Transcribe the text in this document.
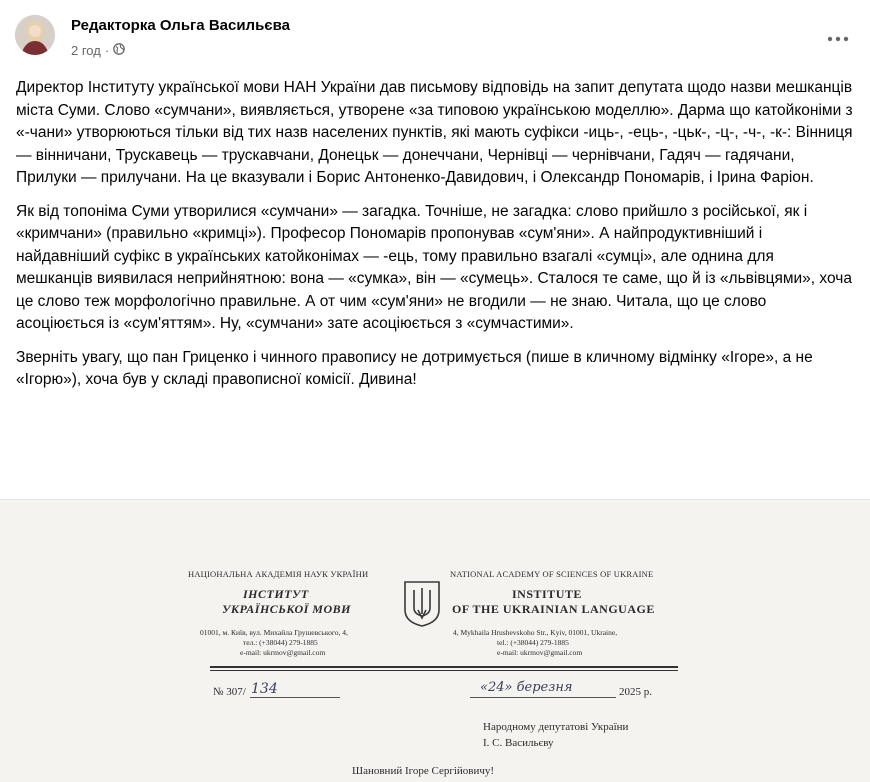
Редакторка Ольга Васильєва
2 год ·

Директор Інституту української мови НАН України дав письмову відповідь на запит депутата щодо назви мешканців міста Суми. Слово «сумчани», виявляється, утворене «за типовою українською моделлю». Дарма що катойконіми з «-чани» утворюються тільки від тих назв населених пунктів, які мають суфікси -иць-, -ець-, -цьк-, -ц-, -ч-, -к-: Вінниця — вінничани, Трускавець — трускавчани, Донецьк — донеччани, Чернівці — чернівчани, Гадяч — гадячани, Прилуки — прилучани. На це вказували і Борис Антоненко-Давидович, і Олександр Пономарів, і Ірина Фаріон.

Як від топоніма Суми утворилися «сумчани» — загадка. Точніше, не загадка: слово прийшло з російської, як і «кримчани» (правильно «кримці»). Професор Пономарів пропонував «сум'яни». А найпродуктивніший і найдавніший суфікс в українських катойконімах — -ець, тому правильно взагалі «сумці», але однина для мешканців виявилася неприйнятною: вона — «сумка», він — «сумець». Сталося те саме, що й із «львівцями», хоча це слово теж морфологічно правильне. А от чим «сум'яни» не вгодили — не знаю. Читала, що це слово асоціюється із «сум'яттям». Ну, «сумчани» зате асоціюється з «сумчастими».

Зверніть увагу, що пан Гриценко і чинного правопису не дотримується (пише в кличному відмінку «Ігоре», а не «Ігорю»), хоча був у складі правописної комісії. Дивина!

НАЦІОНАЛЬНА АКАДЕМІЯ НАУК УКРАЇНИ
ІНСТИТУТ
УКРАЇНСЬКОЇ МОВИ
01001, м. Київ, вул. Михайла Грушевського, 4,
тел.: (+38044) 279-1885
e-mail: ukrmov@gmail.com
NATIONAL ACADEMY OF SCIENCES OF UKRAINE
INSTITUTE
OF THE UKRAINIAN LANGUAGE
4, Mykhaila Hrushevskoho Str., Kyiv, 01001, Ukraine,
tel.: (+38044) 279-1885
e-mail: ukrmov@gmail.com
№ 307/ 134	«24» березня	2025 р.
Народному депутатові України
І. С. Васильєву
Шановний Ігоре Сергійовичу!
